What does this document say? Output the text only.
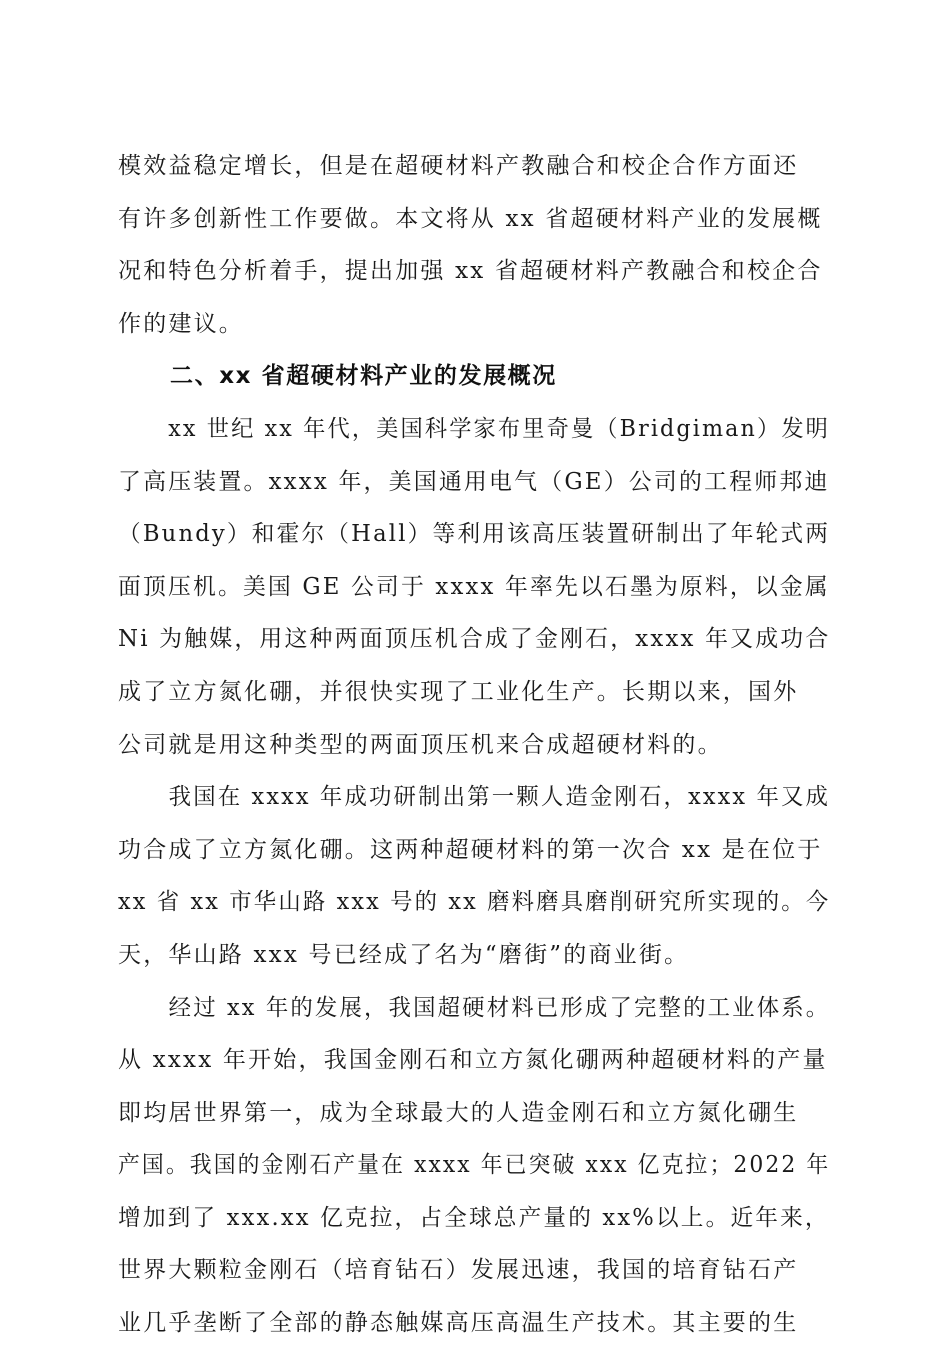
模效益稳定增长，但是在超硬材料产教融合和校企合作方面还
有许多创新性工作要做。本文将从 xx 省超硬材料产业的发展概
况和特色分析着手，提出加强 xx 省超硬材料产教融合和校企合
作的建议。
二、xx 省超硬材料产业的发展概况
xx 世纪 xx 年代，美国科学家布里奇曼（Bridgiman）发明
了高压装置。xxxx 年，美国通用电气（GE）公司的工程师邦迪
（Bundy）和霍尔（Hall）等利用该高压装置研制出了年轮式两
面顶压机。美国 GE 公司于 xxxx 年率先以石墨为原料，以金属
Ni 为触媒，用这种两面顶压机合成了金刚石，xxxx 年又成功合
成了立方氮化硼，并很快实现了工业化生产。长期以来，国外
公司就是用这种类型的两面顶压机来合成超硬材料的。
我国在 xxxx 年成功研制出第一颗人造金刚石，xxxx 年又成
功合成了立方氮化硼。这两种超硬材料的第一次合 xx 是在位于
xx 省 xx 市华山路 xxx 号的 xx 磨料磨具磨削研究所实现的。今
天，华山路 xxx 号已经成了名为“磨街”的商业街。
经过 xx 年的发展，我国超硬材料已形成了完整的工业体系。
从 xxxx 年开始，我国金刚石和立方氮化硼两种超硬材料的产量
即均居世界第一，成为全球最大的人造金刚石和立方氮化硼生
产国。我国的金刚石产量在 xxxx 年已突破 xxx 亿克拉；2022 年
增加到了 xxx.xx 亿克拉，占全球总产量的 xx%以上。近年来，
世界大颗粒金刚石（培育钻石）发展迅速，我国的培育钻石产
业几乎垄断了全部的静态触媒高压高温生产技术。其主要的生
